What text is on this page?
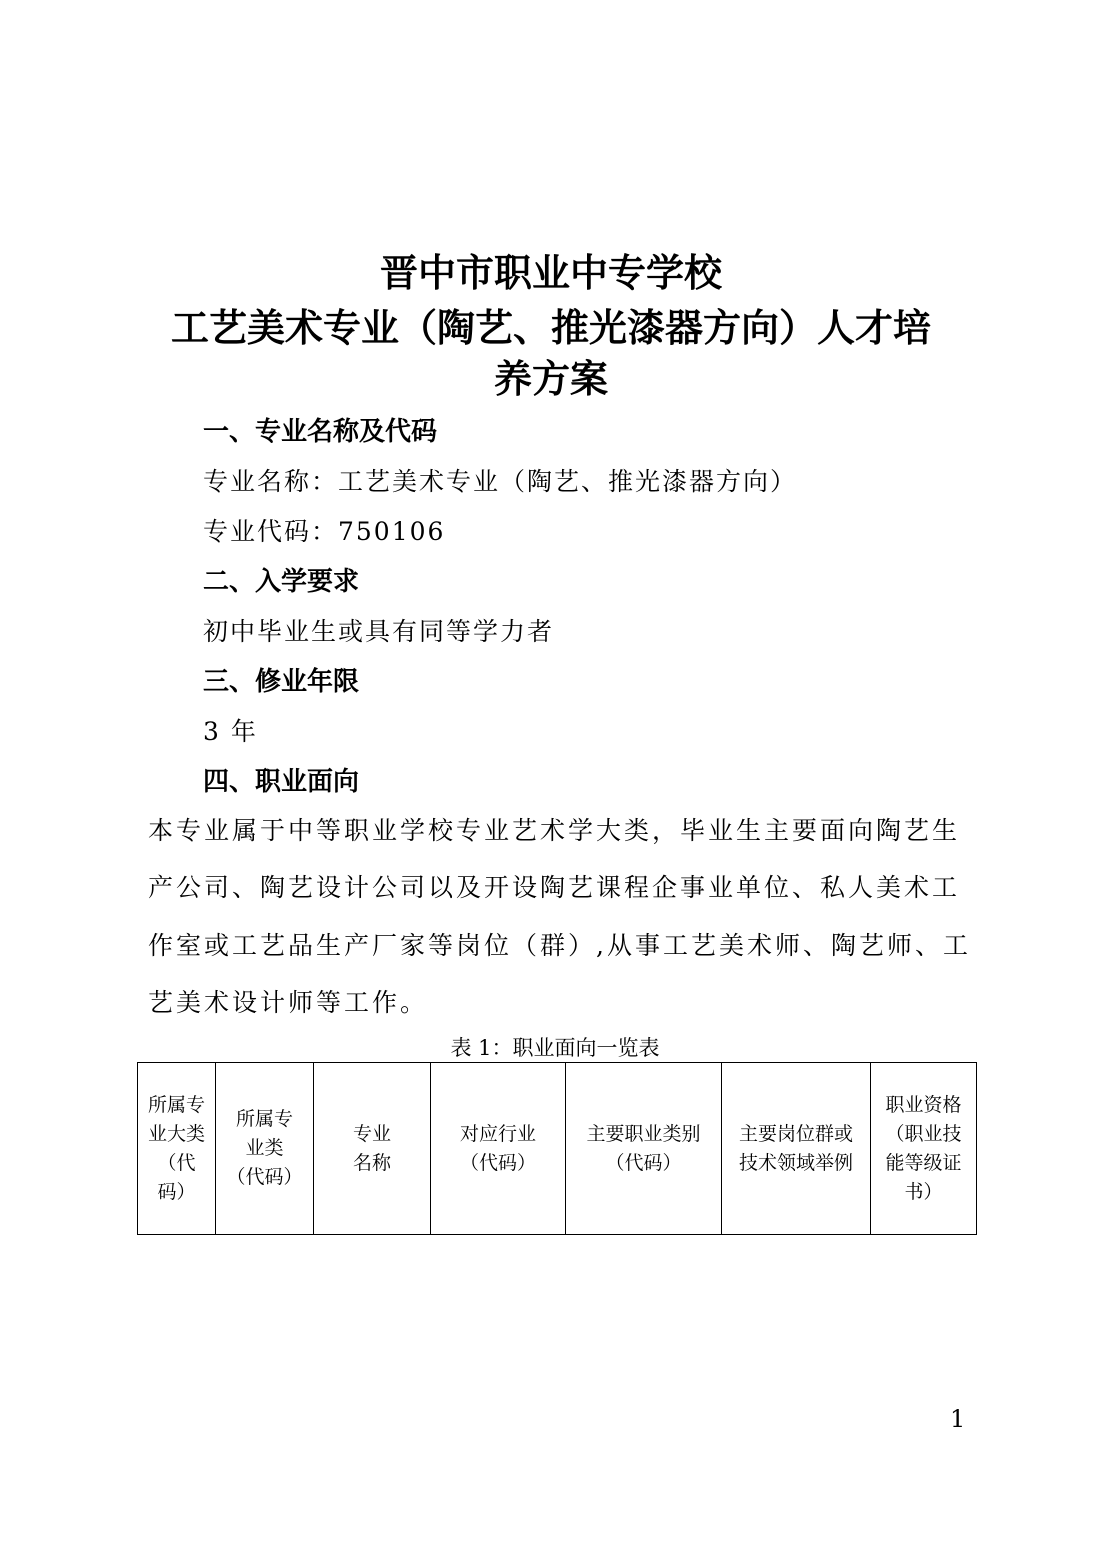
晋中市职业中专学校
工艺美术专业（陶艺、推光漆器方向）人才培
养方案
一、专业名称及代码
专业名称：工艺美术专业（陶艺、推光漆器方向）
专业代码：750106
二、入学要求
初中毕业生或具有同等学力者
三、修业年限
3 年
四、职业面向
本专业属于中等职业学校专业艺术学大类，毕业生主要面向陶艺生
产公司、陶艺设计公司以及开设陶艺课程企事业单位、私人美术工
作室或工艺品生产厂家等岗位（群）,从事工艺美术师、陶艺师、工
艺美术设计师等工作。
表 1：职业面向一览表
所属专
业大类
（代
码）

所属专
业类
（代码）

专业
名称

对应行业
（代码）

主要职业类别
（代码）

主要岗位群或
技术领域举例

职业资格
（职业技
能等级证
书）
1
